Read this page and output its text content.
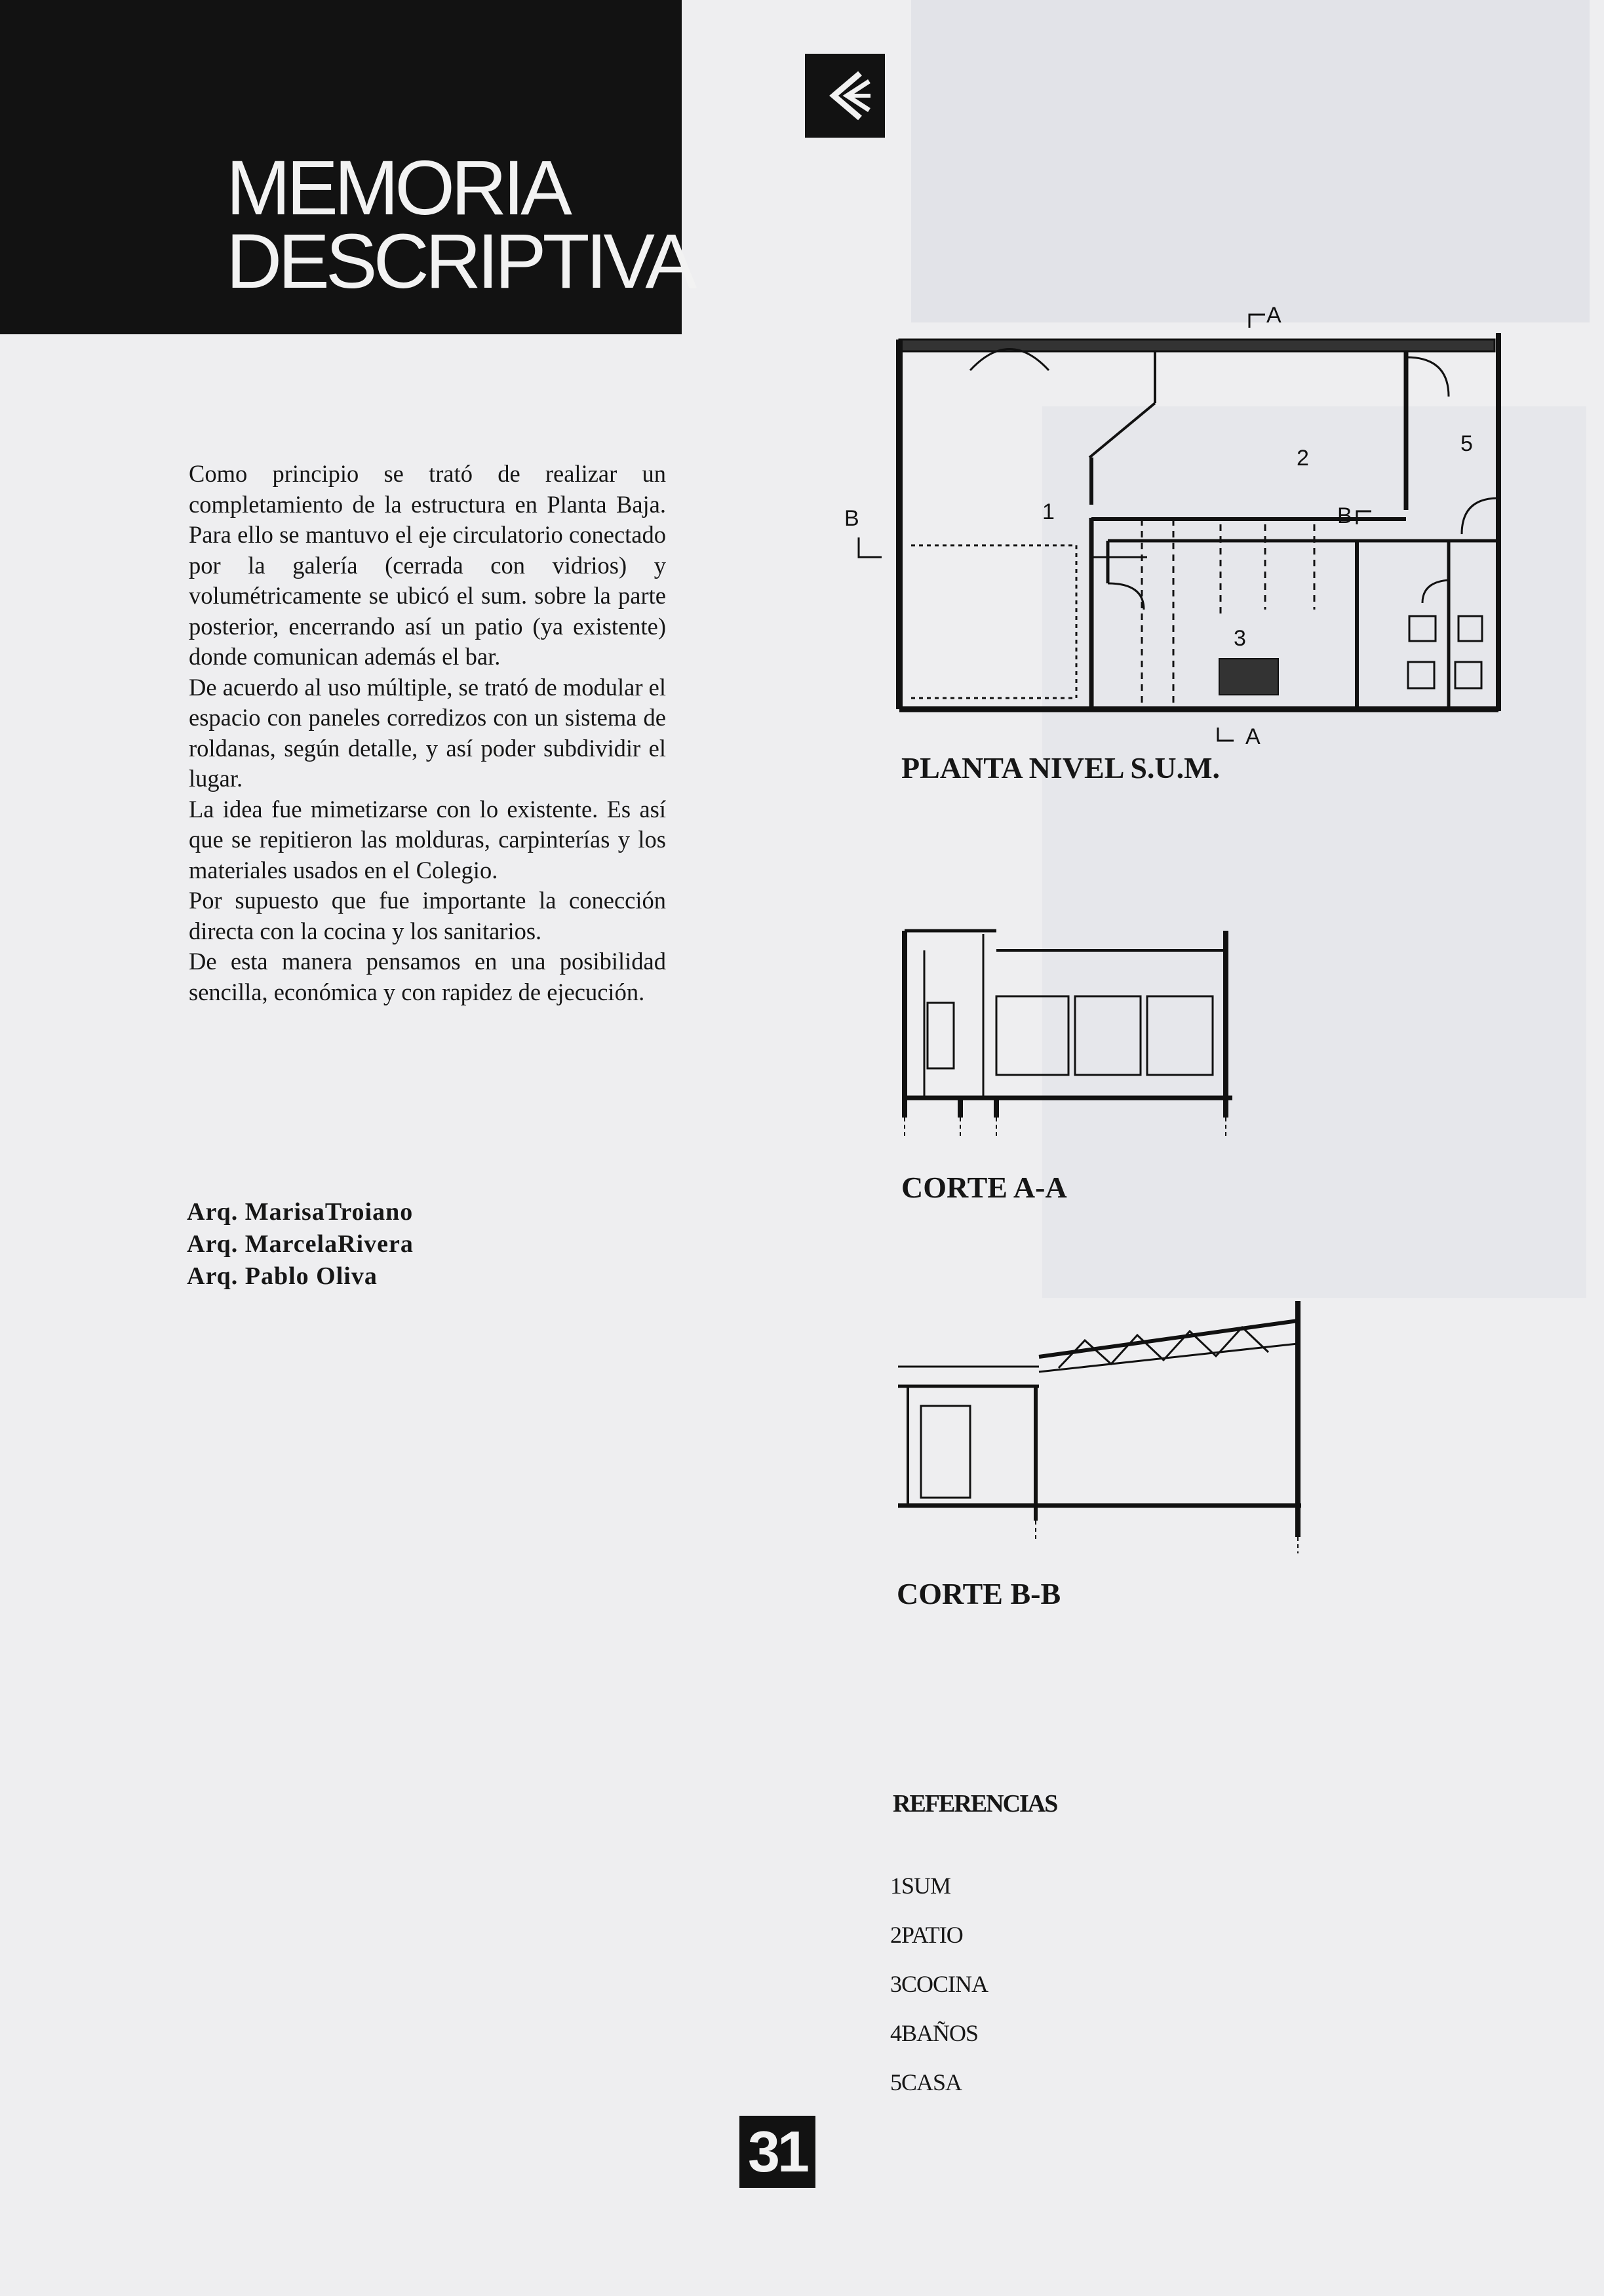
MEMORIA
DESCRIPTIVA

Como principio se trató de realizar un completamiento de la estructura en Planta Baja. Para ello se mantuvo el eje circulatorio conectado por la galería (cerrada con vidrios) y volumétricamente se ubicó el sum. sobre la parte posterior, encerrando así un patio (ya existente) donde comunican además el bar.

De acuerdo al uso múltiple, se trató de modular el espacio con paneles corredizos con un sistema de roldanas, según detalle, y así poder subdividir el lugar.

La idea fue mimetizarse con lo existente. Es así que se repitieron las molduras, carpinterías y los materiales usados en el Colegio.

Por supuesto que fue importante la conección directa con la cocina y los sanitarios.

De esta manera pensamos en una posibilidad sencilla, económica y con rapidez de ejecución.

Arq. MarisaTroiano
Arq. MarcelaRivera
Arq. Pablo Oliva
A
A
B	B
1
2
3
5
PLANTA NIVEL S.U.M.
CORTE A-A
CORTE B-B
REFERENCIAS
1SUM
2PATIO
3COCINA
4BAÑOS
5CASA
31
